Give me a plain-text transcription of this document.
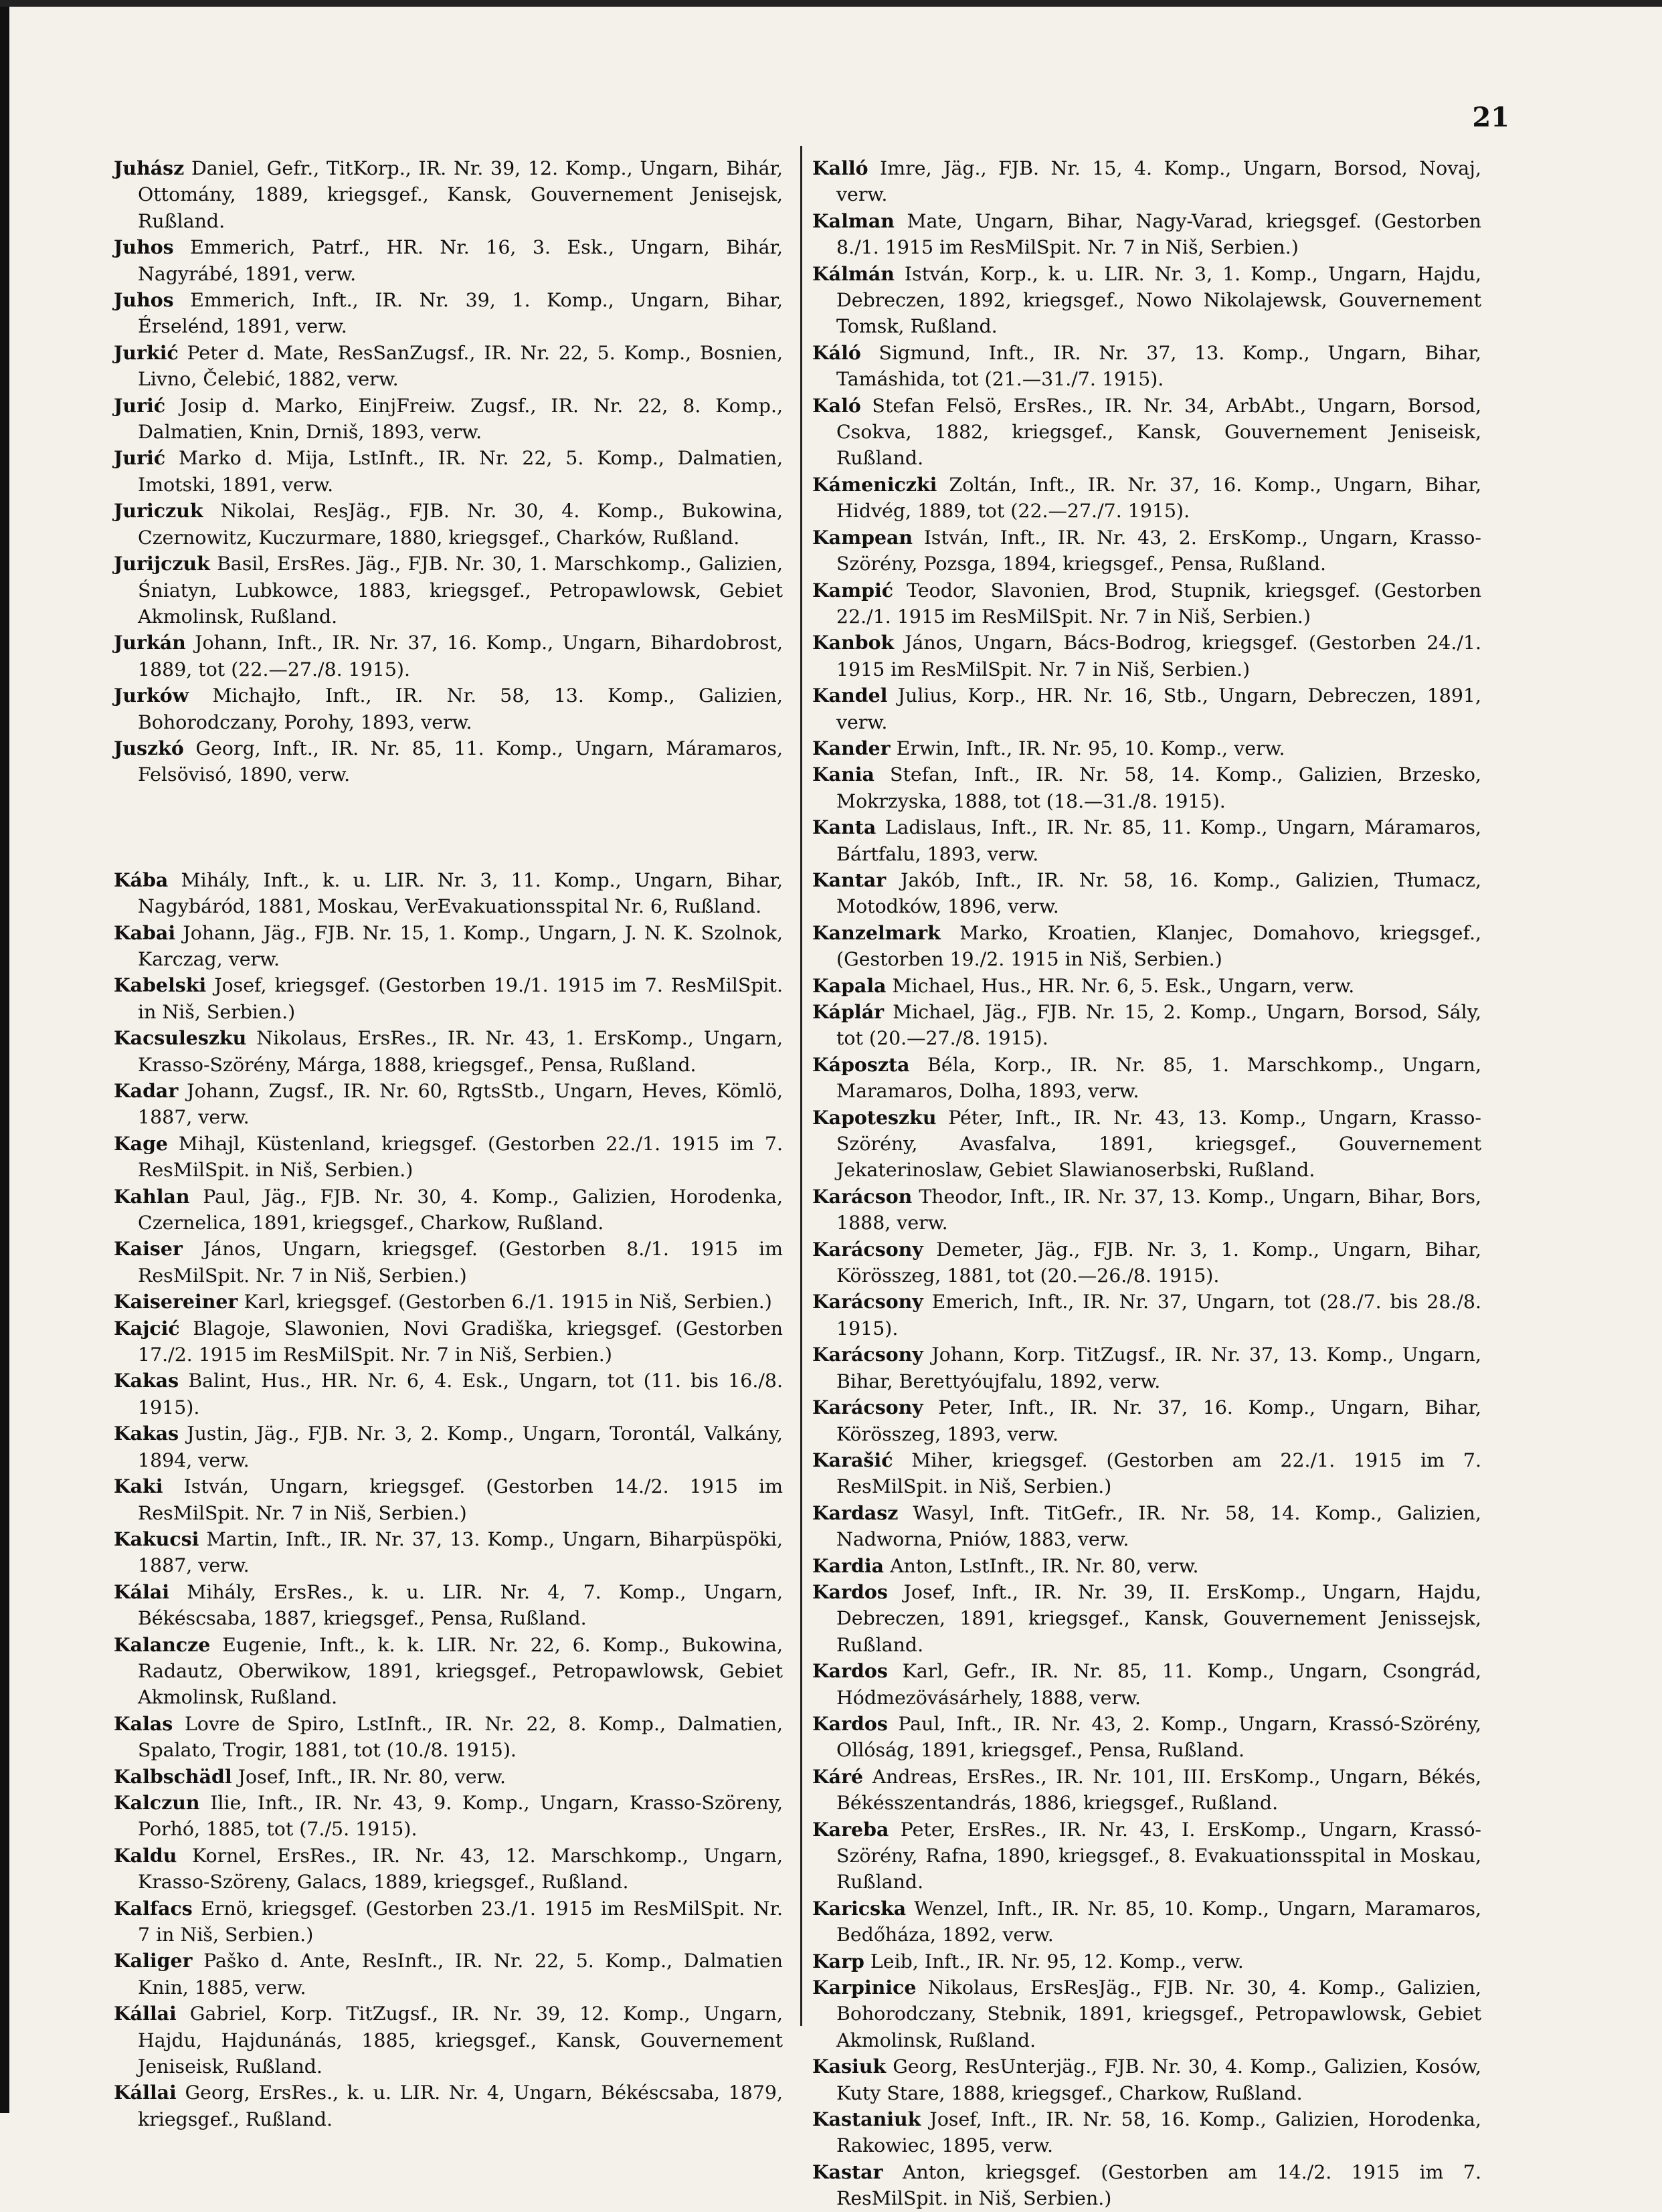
21

Juhász Daniel, Gefr., TitKorp., IR. Nr. 39, 12. Komp., Ungarn, Bihár, Ottomány, 1889, kriegsgef., Kansk, Gouvernement Jenisejsk, Rußland.

Juhos Emmerich, Patrf., HR. Nr. 16, 3. Esk., Ungarn, Bihár, Nagyrábé, 1891, verw.

Juhos Emmerich, Inft., IR. Nr. 39, 1. Komp., Ungarn, Bihar, Érselénd, 1891, verw.

Jurkić Peter d. Mate, ResSanZugsf., IR. Nr. 22, 5. Komp., Bosnien, Livno, Čelebić, 1882, verw.

Jurić Josip d. Marko, EinjFreiw. Zugsf., IR. Nr. 22, 8. Komp., Dalmatien, Knin, Drniš, 1893, verw.

Jurić Marko d. Mija, LstInft., IR. Nr. 22, 5. Komp., Dalmatien, Imotski, 1891, verw.

Juriczuk Nikolai, ResJäg., FJB. Nr. 30, 4. Komp., Bukowina, Czernowitz, Kuczurmare, 1880, kriegsgef., Charków, Rußland.

Jurijczuk Basil, ErsRes. Jäg., FJB. Nr. 30, 1. Marschkomp., Galizien, Śniatyn, Lubkowce, 1883, kriegsgef., Petropawlowsk, Gebiet Akmolinsk, Rußland.

Jurkán Johann, Inft., IR. Nr. 37, 16. Komp., Ungarn, Bihardobrost, 1889, tot (22.—27./8. 1915).

Jurków Michajło, Inft., IR. Nr. 58, 13. Komp., Galizien, Bohorodczany, Porohy, 1893, verw.

Juszkó Georg, Inft., IR. Nr. 85, 11. Komp., Ungarn, Máramaros, Felsövisó, 1890, verw.

Kába Mihály, Inft., k. u. LIR. Nr. 3, 11. Komp., Ungarn, Bihar, Nagybáród, 1881, Moskau, VerEvakuationsspital Nr. 6, Rußland.

Kabai Johann, Jäg., FJB. Nr. 15, 1. Komp., Ungarn, J. N. K. Szolnok, Karczag, verw.

Kabelski Josef, kriegsgef. (Gestorben 19./1. 1915 im 7. ResMilSpit. in Niš, Serbien.)

Kacsuleszku Nikolaus, ErsRes., IR. Nr. 43, 1. ErsKomp., Ungarn, Krasso-Szörény, Márga, 1888, kriegsgef., Pensa, Rußland.

Kadar Johann, Zugsf., IR. Nr. 60, RgtsStb., Ungarn, Heves, Kömlö, 1887, verw.

Kage Mihajl, Küstenland, kriegsgef. (Gestorben 22./1. 1915 im 7. ResMilSpit. in Niš, Serbien.)

Kahlan Paul, Jäg., FJB. Nr. 30, 4. Komp., Galizien, Horodenka, Czernelica, 1891, kriegsgef., Charkow, Rußland.

Kaiser János, Ungarn, kriegsgef. (Gestorben 8./1. 1915 im ResMilSpit. Nr. 7 in Niš, Serbien.)

Kaisereiner Karl, kriegsgef. (Gestorben 6./1. 1915 in Niš, Serbien.)

Kajcić Blagoje, Slawonien, Novi Gradiška, kriegsgef. (Gestorben 17./2. 1915 im ResMilSpit. Nr. 7 in Niš, Serbien.)

Kakas Balint, Hus., HR. Nr. 6, 4. Esk., Ungarn, tot (11. bis 16./8. 1915).

Kakas Justin, Jäg., FJB. Nr. 3, 2. Komp., Ungarn, Torontál, Valkány, 1894, verw.

Kaki István, Ungarn, kriegsgef. (Gestorben 14./2. 1915 im ResMilSpit. Nr. 7 in Niš, Serbien.)

Kakucsi Martin, Inft., IR. Nr. 37, 13. Komp., Ungarn, Biharpüspöki, 1887, verw.

Kálai Mihály, ErsRes., k. u. LIR. Nr. 4, 7. Komp., Ungarn, Békéscsaba, 1887, kriegsgef., Pensa, Rußland.

Kalancze Eugenie, Inft., k. k. LIR. Nr. 22, 6. Komp., Bukowina, Radautz, Oberwikow, 1891, kriegsgef., Petropawlowsk, Gebiet Akmolinsk, Rußland.

Kalas Lovre de Spiro, LstInft., IR. Nr. 22, 8. Komp., Dalmatien, Spalato, Trogir, 1881, tot (10./8. 1915).

Kalbschädl Josef, Inft., IR. Nr. 80, verw.

Kalczun Ilie, Inft., IR. Nr. 43, 9. Komp., Ungarn, Krasso-Szöreny, Porhó, 1885, tot (7./5. 1915).

Kaldu Kornel, ErsRes., IR. Nr. 43, 12. Marschkomp., Ungarn, Krasso-Szöreny, Galacs, 1889, kriegsgef., Rußland.

Kalfacs Ernö, kriegsgef. (Gestorben 23./1. 1915 im ResMilSpit. Nr. 7 in Niš, Serbien.)

Kaliger Paško d. Ante, ResInft., IR. Nr. 22, 5. Komp., Dalmatien Knin, 1885, verw.

Kállai Gabriel, Korp. TitZugsf., IR. Nr. 39, 12. Komp., Ungarn, Hajdu, Hajdunánás, 1885, kriegsgef., Kansk, Gouvernement Jeniseisk, Rußland.

Kállai Georg, ErsRes., k. u. LIR. Nr. 4, Ungarn, Békéscsaba, 1879, kriegsgef., Rußland.

Kalló Imre, Jäg., FJB. Nr. 15, 4. Komp., Ungarn, Borsod, Novaj, verw.

Kalman Mate, Ungarn, Bihar, Nagy-Varad, kriegsgef. (Gestorben 8./1. 1915 im ResMilSpit. Nr. 7 in Niš, Serbien.)

Kálmán István, Korp., k. u. LIR. Nr. 3, 1. Komp., Ungarn, Hajdu, Debreczen, 1892, kriegsgef., Nowo Nikolajewsk, Gouvernement Tomsk, Rußland.

Káló Sigmund, Inft., IR. Nr. 37, 13. Komp., Ungarn, Bihar, Tamáshida, tot (21.—31./7. 1915).

Kaló Stefan Felsö, ErsRes., IR. Nr. 34, ArbAbt., Ungarn, Borsod, Csokva, 1882, kriegsgef., Kansk, Gouvernement Jeniseisk, Rußland.

Kámeniczki Zoltán, Inft., IR. Nr. 37, 16. Komp., Ungarn, Bihar, Hidvég, 1889, tot (22.—27./7. 1915).

Kampean István, Inft., IR. Nr. 43, 2. ErsKomp., Ungarn, Krasso-Szörény, Pozsga, 1894, kriegsgef., Pensa, Rußland.

Kampić Teodor, Slavonien, Brod, Stupnik, kriegsgef. (Gestorben 22./1. 1915 im ResMilSpit. Nr. 7 in Niš, Serbien.)

Kanbok János, Ungarn, Bács-Bodrog, kriegsgef. (Gestorben 24./1. 1915 im ResMilSpit. Nr. 7 in Niš, Serbien.)

Kandel Julius, Korp., HR. Nr. 16, Stb., Ungarn, Debreczen, 1891, verw.

Kander Erwin, Inft., IR. Nr. 95, 10. Komp., verw.

Kania Stefan, Inft., IR. Nr. 58, 14. Komp., Galizien, Brzesko, Mokrzyska, 1888, tot (18.—31./8. 1915).

Kanta Ladislaus, Inft., IR. Nr. 85, 11. Komp., Ungarn, Máramaros, Bártfalu, 1893, verw.

Kantar Jakób, Inft., IR. Nr. 58, 16. Komp., Galizien, Tłumacz, Motodków, 1896, verw.

Kanzelmark Marko, Kroatien, Klanjec, Domahovo, kriegsgef., (Gestorben 19./2. 1915 in Niš, Serbien.)

Kapala Michael, Hus., HR. Nr. 6, 5. Esk., Ungarn, verw.

Káplár Michael, Jäg., FJB. Nr. 15, 2. Komp., Ungarn, Borsod, Sály, tot (20.—27./8. 1915).

Káposzta Béla, Korp., IR. Nr. 85, 1. Marschkomp., Ungarn, Maramaros, Dolha, 1893, verw.

Kapoteszku Péter, Inft., IR. Nr. 43, 13. Komp., Ungarn, Krasso-Szörény, Avasfalva, 1891, kriegsgef., Gouvernement Jekaterinoslaw, Gebiet Slawianoserbski, Rußland.

Karácson Theodor, Inft., IR. Nr. 37, 13. Komp., Ungarn, Bihar, Bors, 1888, verw.

Karácsony Demeter, Jäg., FJB. Nr. 3, 1. Komp., Ungarn, Bihar, Körösszeg, 1881, tot (20.—26./8. 1915).

Karácsony Emerich, Inft., IR. Nr. 37, Ungarn, tot (28./7. bis 28./8. 1915).

Karácsony Johann, Korp. TitZugsf., IR. Nr. 37, 13. Komp., Ungarn, Bihar, Berettyóujfalu, 1892, verw.

Karácsony Peter, Inft., IR. Nr. 37, 16. Komp., Ungarn, Bihar, Körösszeg, 1893, verw.

Karašić Miher, kriegsgef. (Gestorben am 22./1. 1915 im 7. ResMilSpit. in Niš, Serbien.)

Kardasz Wasyl, Inft. TitGefr., IR. Nr. 58, 14. Komp., Galizien, Nadworna, Pniów, 1883, verw.

Kardia Anton, LstInft., IR. Nr. 80, verw.

Kardos Josef, Inft., IR. Nr. 39, II. ErsKomp., Ungarn, Hajdu, Debreczen, 1891, kriegsgef., Kansk, Gouvernement Jenissejsk, Rußland.

Kardos Karl, Gefr., IR. Nr. 85, 11. Komp., Ungarn, Csongrád, Hódmezövásárhely, 1888, verw.

Kardos Paul, Inft., IR. Nr. 43, 2. Komp., Ungarn, Krassó-Szörény, Ollóság, 1891, kriegsgef., Pensa, Rußland.

Káré Andreas, ErsRes., IR. Nr. 101, III. ErsKomp., Ungarn, Békés, Békésszentandrás, 1886, kriegsgef., Rußland.

Kareba Peter, ErsRes., IR. Nr. 43, I. ErsKomp., Ungarn, Krassó-Szörény, Rafna, 1890, kriegsgef., 8. Evakuationsspital in Moskau, Rußland.

Karicska Wenzel, Inft., IR. Nr. 85, 10. Komp., Ungarn, Maramaros, Bedőháza, 1892, verw.

Karp Leib, Inft., IR. Nr. 95, 12. Komp., verw.

Karpinice Nikolaus, ErsResJäg., FJB. Nr. 30, 4. Komp., Galizien, Bohorodczany, Stebnik, 1891, kriegsgef., Petropawlowsk, Gebiet Akmolinsk, Rußland.

Kasiuk Georg, ResUnterjäg., FJB. Nr. 30, 4. Komp., Galizien, Kosów, Kuty Stare, 1888, kriegsgef., Charkow, Rußland.

Kastaniuk Josef, Inft., IR. Nr. 58, 16. Komp., Galizien, Horodenka, Rakowiec, 1895, verw.

Kastar Anton, kriegsgef. (Gestorben am 14./2. 1915 im 7. ResMilSpit. in Niš, Serbien.)
